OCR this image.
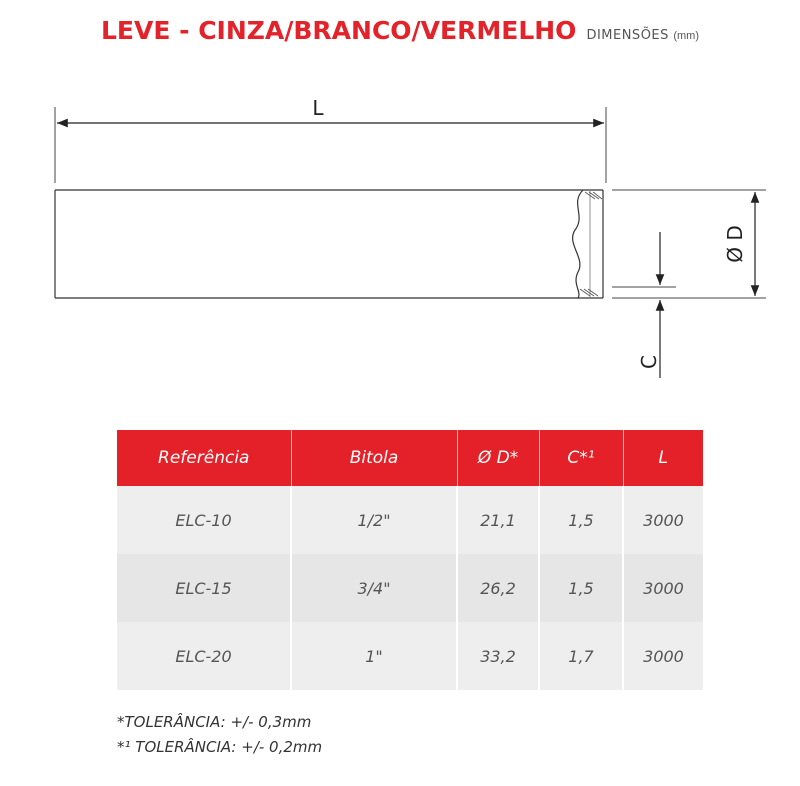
LEVE - CINZA/BRANCO/VERMELHO DIMENSÕES (mm)
L
Ø D
C
Referência	Bitola	Ø D*	C*¹	L
ELC-10	1/2"	21,1	1,5	3000
ELC-15	3/4"	26,2	1,5	3000
ELC-20	1"	33,2	1,7	3000
*TOLERÂNCIA: +/- 0,3mm
*¹ TOLERÂNCIA: +/- 0,2mm
